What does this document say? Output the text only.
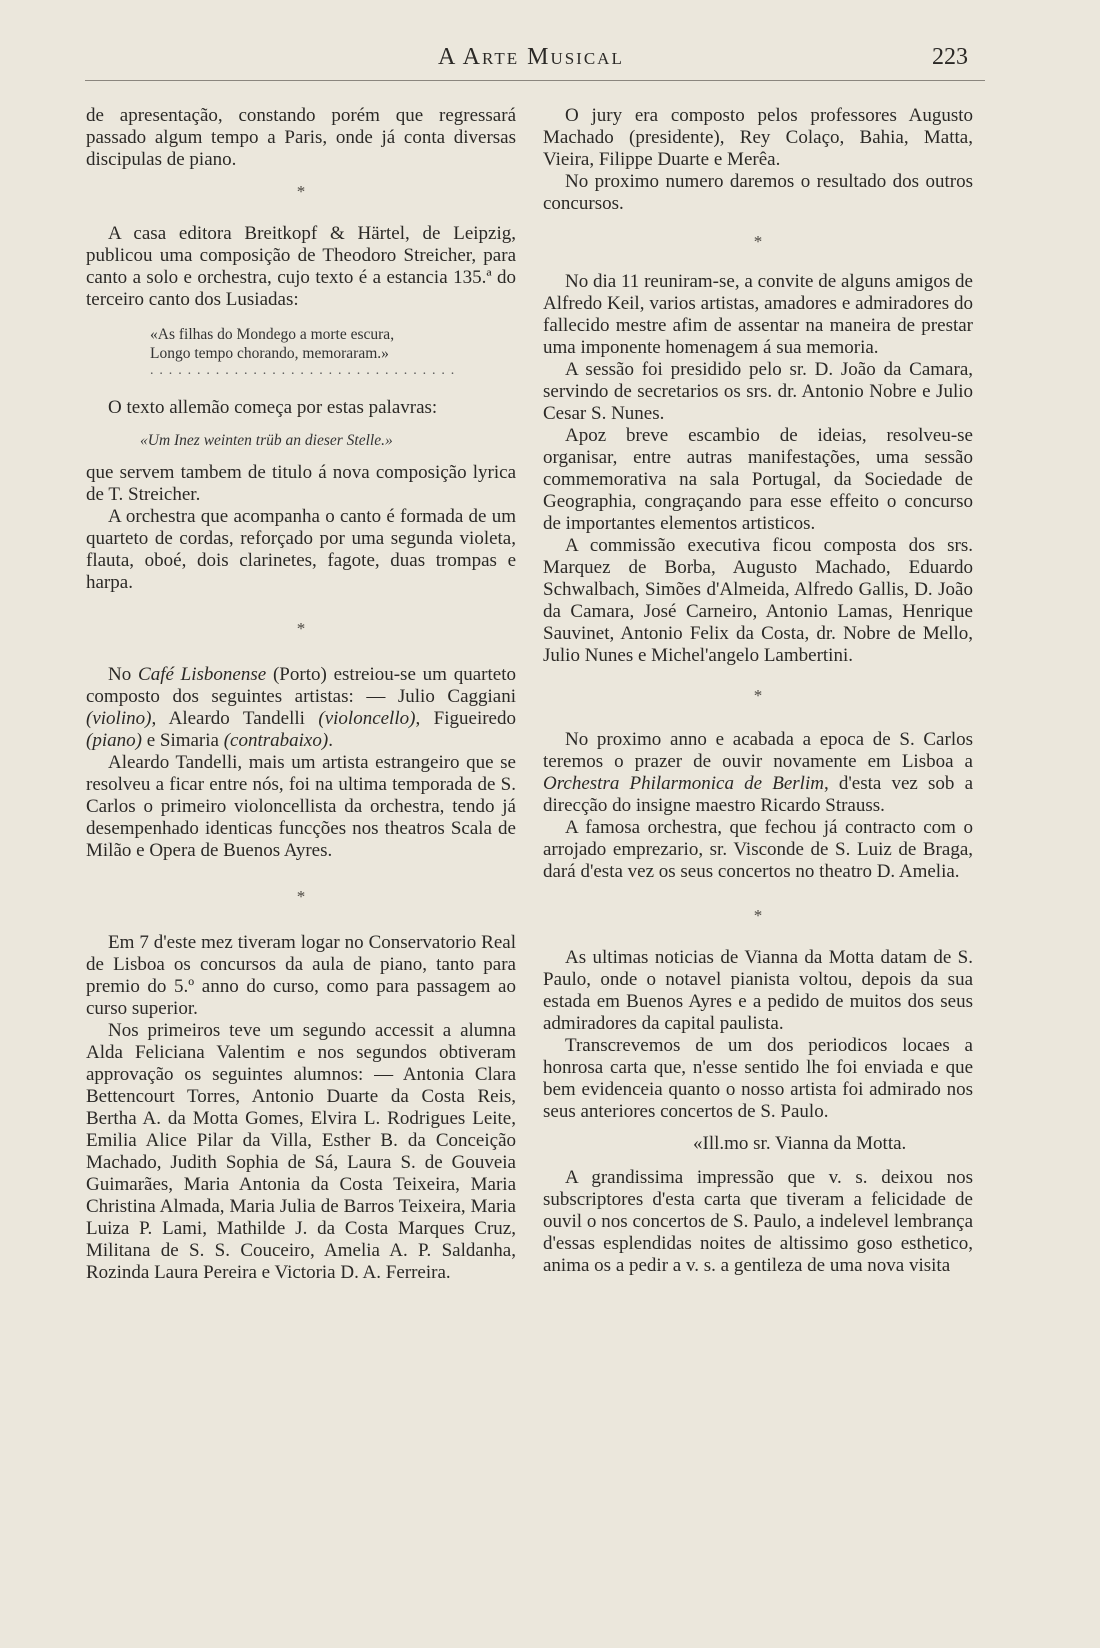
A Arte Musical	223

de apresentação, constando porém que regressará passado algum tempo a Paris, onde já conta diversas discipulas de piano.

*

A casa editora Breitkopf & Härtel, de Leipzig, publicou uma composição de Theodoro Streicher, para canto a solo e orchestra, cujo texto é a estancia 135.ª do terceiro canto dos Lusiadas:

«As filhas do Mondego a morte escura,

Longo tempo chorando, memoraram.»

. . . . . . . . . . . . . . . . . . . . . . . . . . . . . . . . .

O texto allemão começa por estas palavras:

«Um Inez weinten trüb an dieser Stelle.»

que servem tambem de titulo á nova composição lyrica de T. Streicher.

A orchestra que acompanha o canto é formada de um quarteto de cordas, reforçado por uma segunda violeta, flauta, oboé, dois clarinetes, fagote, duas trompas e harpa.

*

No Café Lisbonense (Porto) estreiou-se um quarteto composto dos seguintes artistas: — Julio Caggiani (violino), Aleardo Tandelli (violoncello), Figueiredo (piano) e Simaria (contrabaixo).

Aleardo Tandelli, mais um artista estrangeiro que se resolveu a ficar entre nós, foi na ultima temporada de S. Carlos o primeiro violoncellista da orchestra, tendo já desempenhado identicas funcções nos theatros Scala de Milão e Opera de Buenos Ayres.

*

Em 7 d'este mez tiveram logar no Conservatorio Real de Lisboa os concursos da aula de piano, tanto para premio do 5.º anno do curso, como para passagem ao curso superior.

Nos primeiros teve um segundo accessit a alumna Alda Feliciana Valentim e nos segundos obtiveram approvação os seguintes alumnos: — Antonia Clara Bettencourt Torres, Antonio Duarte da Costa Reis, Bertha A. da Motta Gomes, Elvira L. Rodrigues Leite, Emilia Alice Pilar da Villa, Esther B. da Conceição Machado, Judith Sophia de Sá, Laura S. de Gouveia Guimarães, Maria Antonia da Costa Teixeira, Maria Christina Almada, Maria Julia de Barros Teixeira, Maria Luiza P. Lami, Mathilde J. da Costa Marques Cruz, Militana de S. S. Couceiro, Amelia A. P. Saldanha, Rozinda Laura Pereira e Victoria D. A. Ferreira.

O jury era composto pelos professores Augusto Machado (presidente), Rey Colaço, Bahia, Matta, Vieira, Filippe Duarte e Merêa.

No proximo numero daremos o resultado dos outros concursos.

*

No dia 11 reuniram-se, a convite de alguns amigos de Alfredo Keil, varios artistas, amadores e admiradores do fallecido mestre afim de assentar na maneira de prestar uma imponente homenagem á sua memoria.

A sessão foi presidido pelo sr. D. João da Camara, servindo de secretarios os srs. dr. Antonio Nobre e Julio Cesar S. Nunes.

Apoz breve escambio de ideias, resolveu-se organisar, entre autras manifestações, uma sessão commemorativa na sala Portugal, da Sociedade de Geographia, congraçando para esse effeito o concurso de importantes elementos artisticos.

A commissão executiva ficou composta dos srs. Marquez de Borba, Augusto Machado, Eduardo Schwalbach, Simões d'Almeida, Alfredo Gallis, D. João da Camara, José Carneiro, Antonio Lamas, Henrique Sauvinet, Antonio Felix da Costa, dr. Nobre de Mello, Julio Nunes e Michel'angelo Lambertini.

*

No proximo anno e acabada a epoca de S. Carlos teremos o prazer de ouvir novamente em Lisboa a Orchestra Philarmonica de Berlim, d'esta vez sob a direcção do insigne maestro Ricardo Strauss.

A famosa orchestra, que fechou já contracto com o arrojado emprezario, sr. Visconde de S. Luiz de Braga, dará d'esta vez os seus concertos no theatro D. Amelia.

*

As ultimas noticias de Vianna da Motta datam de S. Paulo, onde o notavel pianista voltou, depois da sua estada em Buenos Ayres e a pedido de muitos dos seus admiradores da capital paulista.

Transcrevemos de um dos periodicos locaes a honrosa carta que, n'esse sentido lhe foi enviada e que bem evidenceia quanto o nosso artista foi admirado nos seus anteriores concertos de S. Paulo.

«Ill.mo sr. Vianna da Motta.

A grandissima impressão que v. s. deixou nos subscriptores d'esta carta que tiveram a felicidade de ouvil o nos concertos de S. Paulo, a indelevel lembrança d'essas esplendidas noites de altissimo goso esthetico, anima os a pedir a v. s. a gentileza de uma nova visita
